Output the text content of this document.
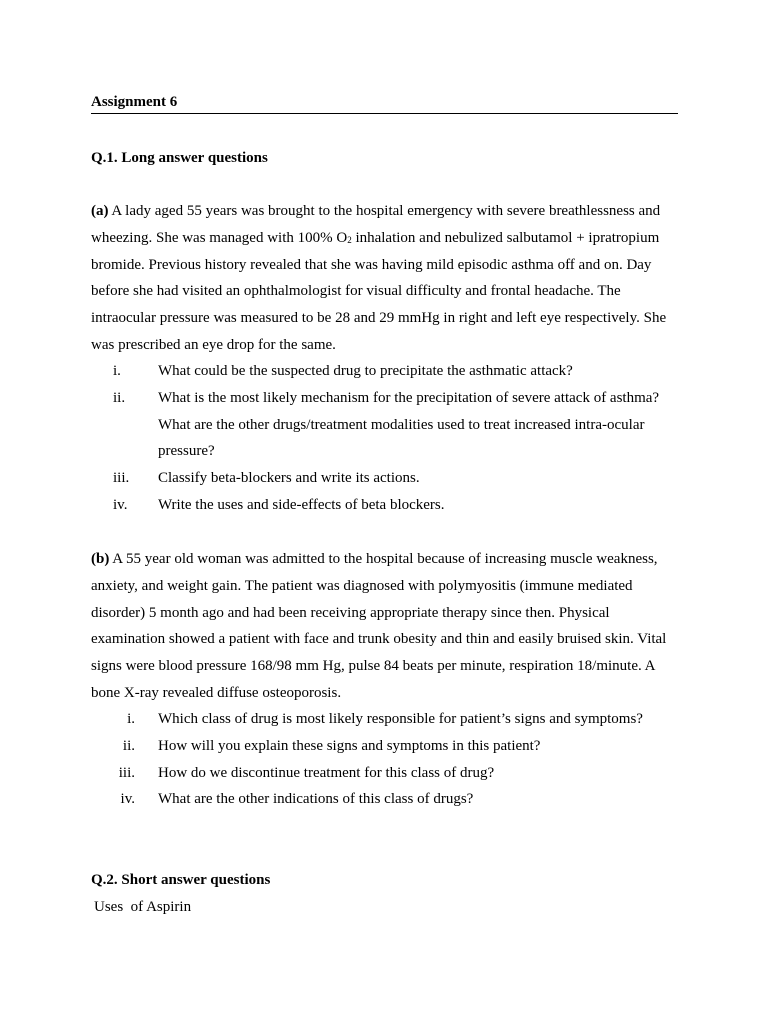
Assignment 6
Q.1. Long answer questions
(a) A lady aged 55 years was brought to the hospital emergency with severe breathlessness and wheezing. She was managed with 100% $O_2$ inhalation and nebulized salbutamol + ipratropium bromide. Previous history revealed that she was having mild episodic asthma off and on. Day before she had visited an ophthalmologist for visual difficulty and frontal headache. The intraocular pressure was measured to be 28 and 29 mmHg in right and left eye respectively. She was prescribed an eye drop for the same.
i.	What could be the suspected drug to precipitate the asthmatic attack?
ii.	What is the most likely mechanism for the precipitation of severe attack of asthma? What are the other drugs/treatment modalities used to treat increased intra-ocular pressure?
iii.	Classify beta-blockers and write its actions.
iv.	Write the uses and side-effects of beta blockers.
(b) A 55 year old woman was admitted to the hospital because of increasing muscle weakness, anxiety, and weight gain. The patient was diagnosed with polymyositis (immune mediated disorder) 5 month ago and had been receiving appropriate therapy since then. Physical examination showed a patient with face and trunk obesity and thin and easily bruised skin. Vital signs were blood pressure 168/98 mm Hg, pulse 84 beats per minute, respiration 18/minute. A bone X-ray revealed diffuse osteoporosis.
i. Which class of drug is most likely responsible for patient’s signs and symptoms?
ii. How will you explain these signs and symptoms in this patient?
iii. How do we discontinue treatment for this class of drug?
iv. What are the other indications of this class of drugs?
Q.2. Short answer questions
Uses  of Aspirin
